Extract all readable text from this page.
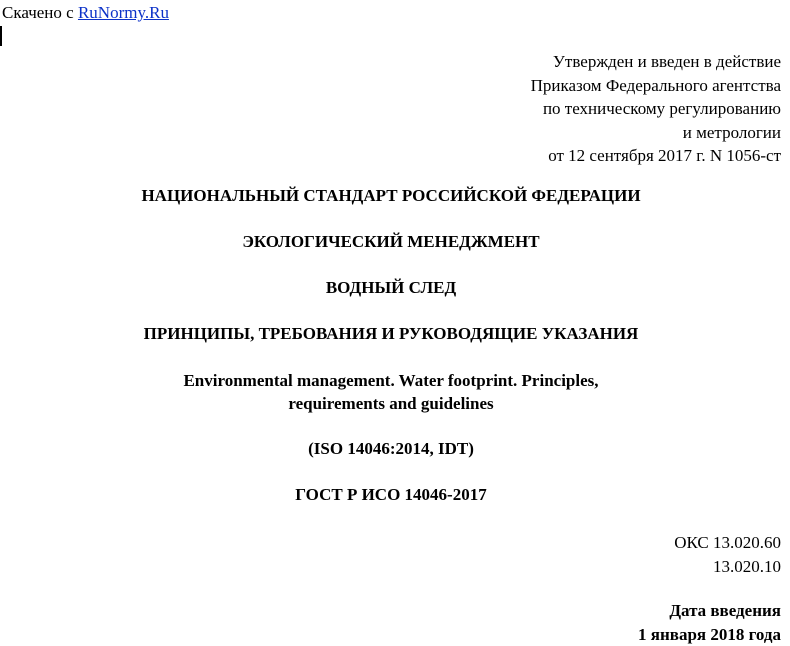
Скачено с RuNormy.Ru
Утвержден и введен в действие
Приказом Федерального агентства
по техническому регулированию
и метрологии
от 12 сентября 2017 г. N 1056-ст
НАЦИОНАЛЬНЫЙ СТАНДАРТ РОССИЙСКОЙ ФЕДЕРАЦИИ
ЭКОЛОГИЧЕСКИЙ МЕНЕДЖМЕНТ
ВОДНЫЙ СЛЕД
ПРИНЦИПЫ, ТРЕБОВАНИЯ И РУКОВОДЯЩИЕ УКАЗАНИЯ
Environmental management. Water footprint. Principles,
requirements and guidelines
(ISO 14046:2014, IDT)
ГОСТ Р ИСО 14046-2017
ОКС 13.020.60
13.020.10
Дата введения
1 января 2018 года
